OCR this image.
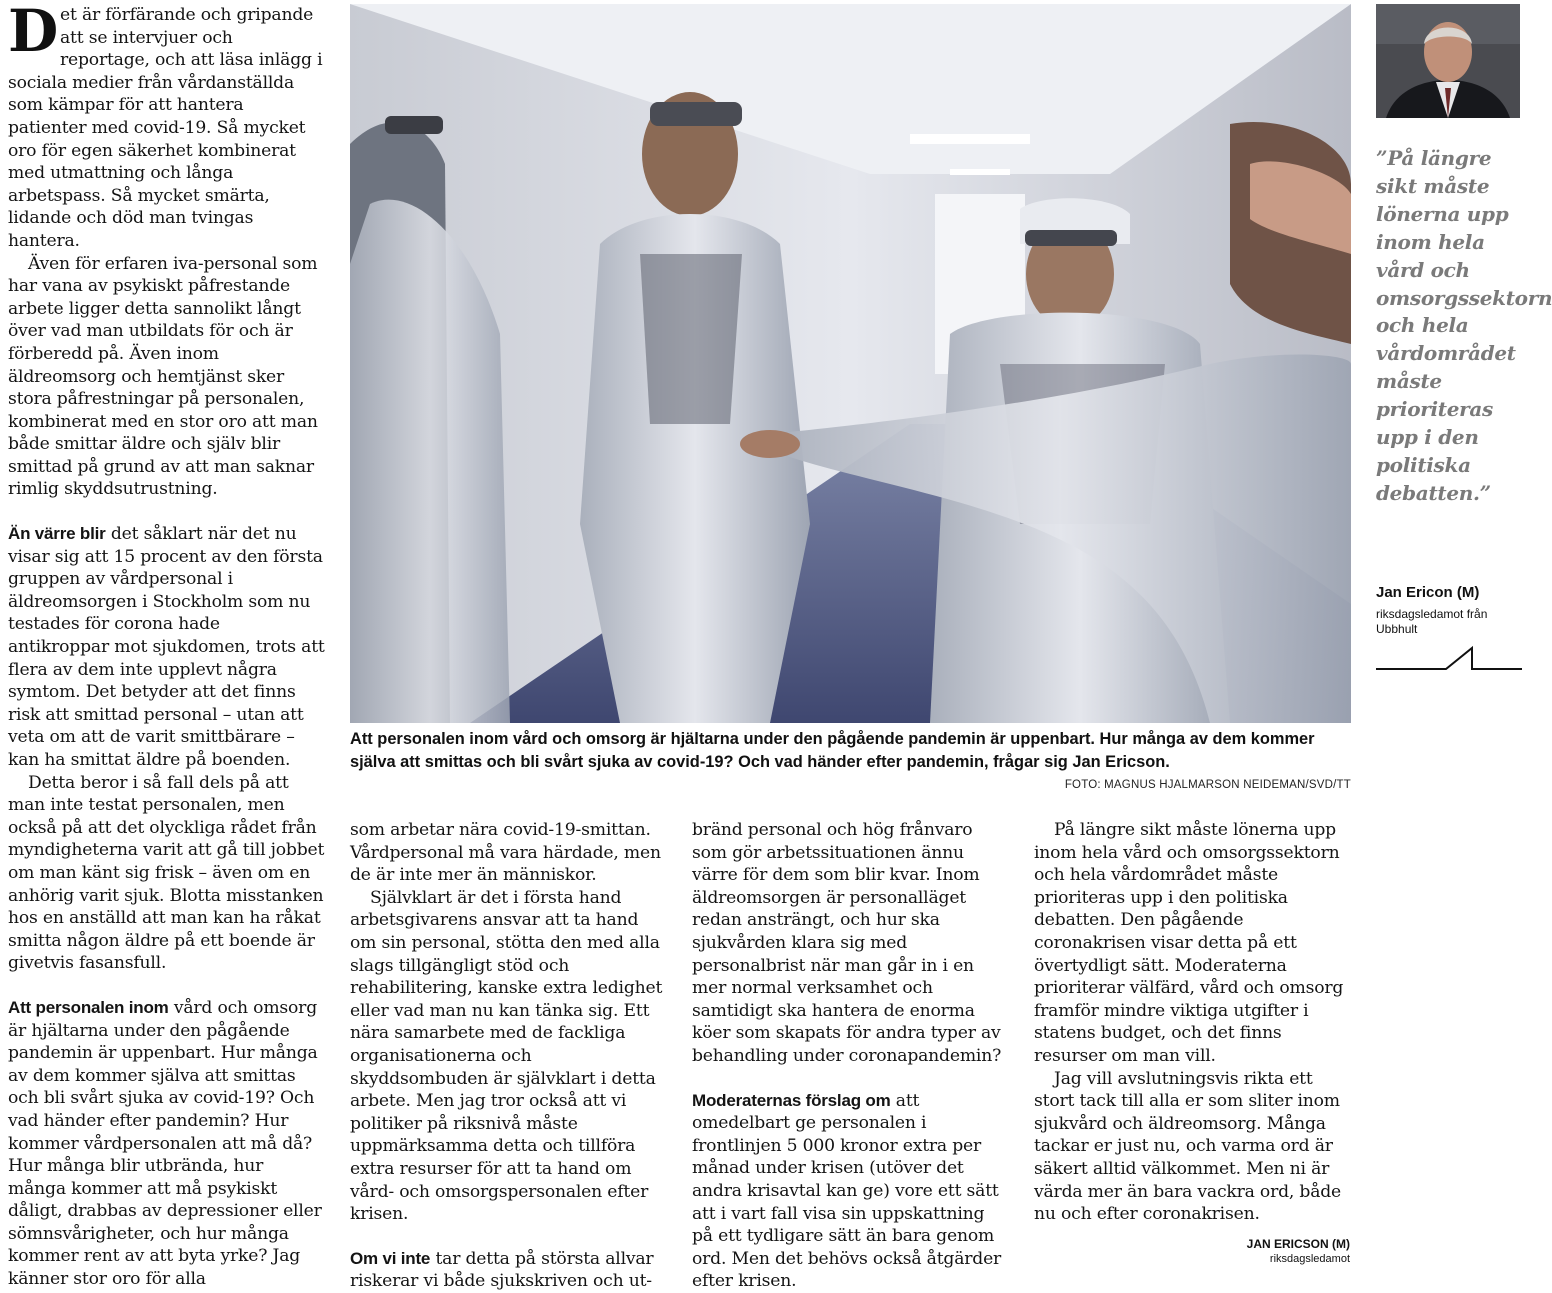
Det är förfärande och gripande att se intervjuer och reportage, och att läsa inlägg i sociala medier från vårdanställda som kämpar för att hantera patienter med covid-19. Så mycket oro för egen säkerhet kombinerat med utmattning och långa arbetspass. Så mycket smärta, lidande och död man tvingas hantera.

Även för erfaren iva-personal som har vana av psykiskt påfrestande arbete ligger detta sannolikt långt över vad man utbildats för och är förberedd på. Även inom äldreomsorg och hemtjänst sker stora påfrestningar på personalen, kombinerat med en stor oro att man både smittar äldre och själv blir smittad på grund av att man saknar rimlig skyddsutrustning.

Än värre blir det såklart när det nu visar sig att 15 procent av den första gruppen av vårdpersonal i äldreomsorgen i Stockholm som nu testades för corona hade antikroppar mot sjukdomen, trots att flera av dem inte upplevt några symtom. Det betyder att det finns risk att smittad personal – utan att veta om att de varit smittbärare – kan ha smittat äldre på boenden.

Detta beror i så fall dels på att man inte testat personalen, men också på att det olyckliga rådet från myndigheterna varit att gå till jobbet om man känt sig frisk – även om en anhörig varit sjuk. Blotta misstanken hos en anställd att man kan ha råkat smitta någon äldre på ett boende är givetvis fasansfull.

Att personalen inom vård och omsorg är hjältarna under den pågående pandemin är uppenbart. Hur många av dem kommer själva att smittas och bli svårt sjuka av covid-19? Och vad händer efter pandemin? Hur kommer vårdpersonalen att må då? Hur många blir utbrända, hur många kommer att må psykiskt dåligt, drabbas av depressioner eller sömnsvårigheter, och hur många kommer rent av att byta yrke? Jag känner stor oro för alla

Att personalen inom vård och omsorg är hjältarna under den pågående pandemin är uppenbart. Hur många av dem kommer själva att smittas och bli svårt sjuka av covid-19? Och vad händer efter pandemin, frågar sig Jan Ericson.
FOTO: MAGNUS HJALMARSON NEIDEMAN/SVD/TT

som arbetar nära covid-19-smittan. Vårdpersonal må vara härdade, men de är inte mer än människor.

Självklart är det i första hand arbetsgivarens ansvar att ta hand om sin personal, stötta den med alla slags tillgängligt stöd och rehabilitering, kanske extra ledighet eller vad man nu kan tänka sig. Ett nära samarbete med de fackliga organisationerna och skyddsombuden är självklart i detta arbete. Men jag tror också att vi politiker på riksnivå måste uppmärksamma detta och tillföra extra resurser för att ta hand om vård- och omsorgspersonalen efter krisen.

Om vi inte tar detta på största allvar riskerar vi både sjukskriven och ut-

bränd personal och hög frånvaro som gör arbetssituationen ännu värre för dem som blir kvar. Inom äldreomsorgen är personalläget redan ansträngt, och hur ska sjukvården klara sig med personalbrist när man går in i en mer normal verksamhet och samtidigt ska hantera de enorma köer som skapats för andra typer av behandling under coronapandemin?

Moderaternas förslag om att omedelbart ge personalen i frontlinjen 5 000 kronor extra per månad under krisen (utöver det andra krisavtal kan ge) vore ett sätt att i vart fall visa sin uppskattning på ett tydligare sätt än bara genom ord. Men det behövs också åtgärder efter krisen.

På längre sikt måste lönerna upp inom hela vård och omsorgssektorn och hela vårdområdet måste prioriteras upp i den politiska debatten. Den pågående coronakrisen visar detta på ett övertydligt sätt. Moderaterna prioriterar välfärd, vård och omsorg framför mindre viktiga utgifter i statens budget, och det finns resurser om man vill.

Jag vill avslutningsvis rikta ett stort tack till alla er som sliter inom sjukvård och äldreomsorg. Många tackar er just nu, och varma ord är säkert alltid välkommet. Men ni är värda mer än bara vackra ord, både nu och efter coronakrisen.

JAN ERICSON (M)
riksdagsledamot
”På längre sikt måste lönerna upp inom hela vård och omsorgssektorn och hela vårdområdet måste prioriteras upp i den politiska debatten.”
Jan Ericon (M)
riksdagsledamot från Ubbhult
